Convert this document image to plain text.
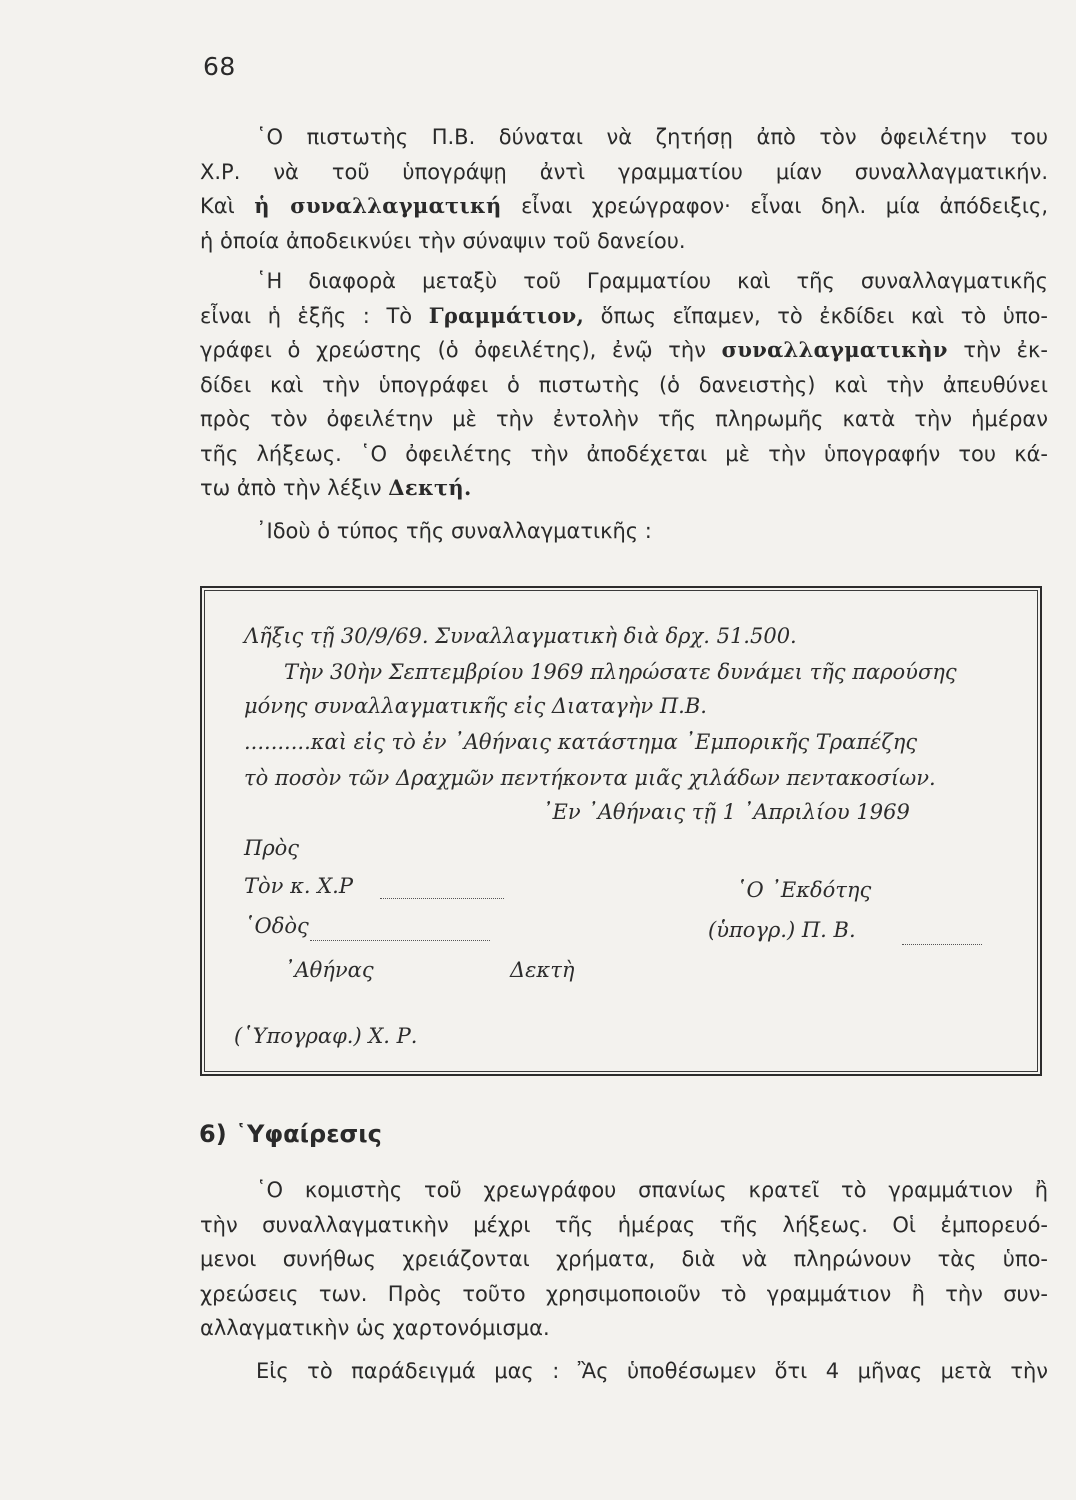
68
῾Ο πιστωτὴς Π.Β. δύναται νὰ ζητήσῃ ἀπὸ τὸν ὀφειλέτην του
Χ.Ρ. νὰ τοῦ ὑπογράψῃ ἀντὶ γραμματίου μίαν συναλλαγματικήν.
Καὶ ἡ συναλλαγματική εἶναι χρεώγραφον· εἶναι δηλ. μία ἀπόδειξις,
ἡ ὁποία ἀποδεικνύει τὴν σύναψιν τοῦ δανείου.
῾Η διαφορὰ μεταξὺ τοῦ Γραμματίου καὶ τῆς συναλλαγματικῆς
εἶναι ἡ ἑξῆς : Τὸ Γραμμάτιον, ὅπως εἴπαμεν, τὸ ἐκδίδει καὶ τὸ ὑπο-
γράφει ὁ χρεώστης (ὁ ὀφειλέτης), ἐνῷ τὴν συναλλαγματικὴν τὴν ἐκ-
δίδει καὶ τὴν ὑπογράφει ὁ πιστωτὴς (ὁ δανειστὴς) καὶ τὴν ἀπευθύνει
πρὸς τὸν ὀφειλέτην μὲ τὴν ἐντολὴν τῆς πληρωμῆς κατὰ τὴν ἡμέραν
τῆς λήξεως. ῾Ο ὀφειλέτης τὴν ἀποδέχεται μὲ τὴν ὑπογραφήν του κά-
τω ἀπὸ τὴν λέξιν Δεκτή.
᾿Ιδοὺ ὁ τύπος τῆς συναλλαγματικῆς :
Λῆξις τῇ 30/9/69. Συναλλαγματικὴ διὰ δρχ. 51.500.
Τὴν 30ὴν Σεπτεμβρίου 1969 πληρώσατε δυνάμει τῆς παρούσης
μόνης συναλλαγματικῆς εἰς Διαταγὴν Π.Β.
..........καὶ εἰς τὸ ἐν ᾿Αθήναις κατάστημα ᾿Εμπορικῆς Τραπέζης
τὸ ποσὸν τῶν Δραχμῶν πεντήκοντα μιᾶς χιλάδων πεντακοσίων.
᾿Εν ᾿Αθήναις τῇ 1 ᾿Απριλίου 1969
Πρὸς
Τὸν κ. Χ.Ρ	῾Ο ᾿Εκδότης
῾Οδὸς	(ὑπογρ.) Π. Β.
᾿Αθήνας	Δεκτὴ
(῾Υπογραφ.) Χ. Ρ.
6) ῾Υφαίρεσις
῾Ο κομιστὴς τοῦ χρεωγράφου σπανίως κρατεῖ τὸ γραμμάτιον ἢ
τὴν συναλλαγματικὴν μέχρι τῆς ἡμέρας τῆς λήξεως. Οἱ ἐμπορευό-
μενοι συνήθως χρειάζονται χρήματα, διὰ νὰ πληρώνουν τὰς ὑπο-
χρεώσεις των. Πρὸς τοῦτο χρησιμοποιοῦν τὸ γραμμάτιον ἢ τὴν συν-
αλλαγματικὴν ὡς χαρτονόμισμα.
Εἰς τὸ παράδειγμά μας : Ἂς ὑποθέσωμεν ὅτι 4 μῆνας μετὰ τὴν
